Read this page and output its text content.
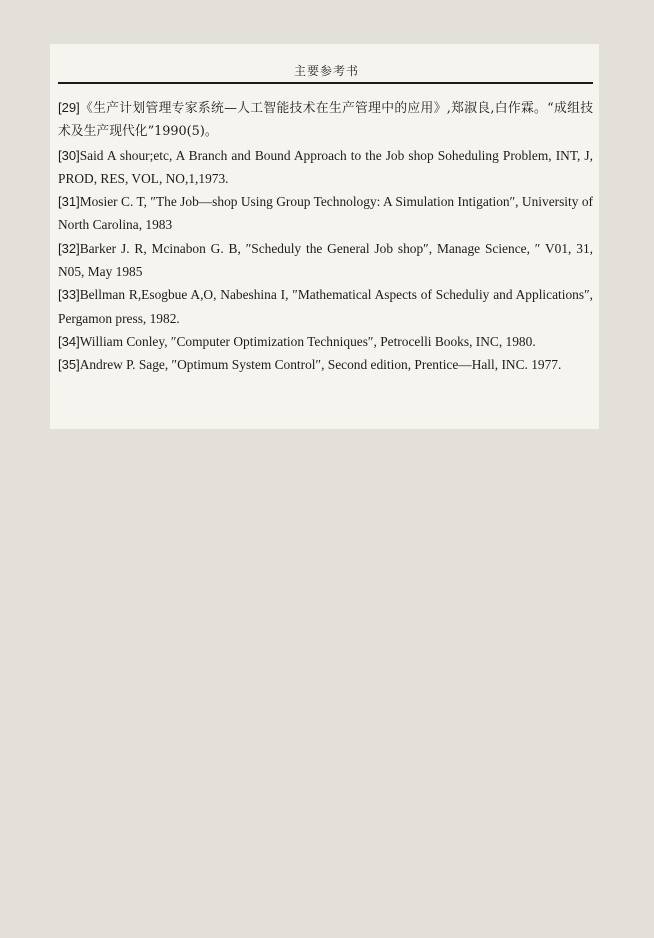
主要参考书
[29]《生产计划管理专家系统—人工智能技术在生产管理中的应用》,郑淑良,白作霖。“成组技术及生产现代化”1990(5)。
[30]Said A shour;etc, A Branch and Bound Approach to the Job shop Soheduling Problem, INT, J, PROD, RES, VOL, NO,1,1973.
[31]Mosier C. T, ″The Job—shop Using Group Technology: A Simulation Intigation″, University of North Carolina, 1983
[32]Barker J. R, Mcinabon G. B, ″Scheduly the General Job shop″, Manage Science, ″ V01, 31, N05, May 1985
[33]Bellman R,Esogbue A,O, Nabeshina I, ″Mathematical Aspects of Scheduliy and Applications″, Pergamon press, 1982.
[34]William Conley, ″Computer Optimization Techniques″, Petrocelli Books, INC, 1980.
[35]Andrew P. Sage, ″Optimum System Control″, Second edition, Prentice—Hall, INC. 1977.
